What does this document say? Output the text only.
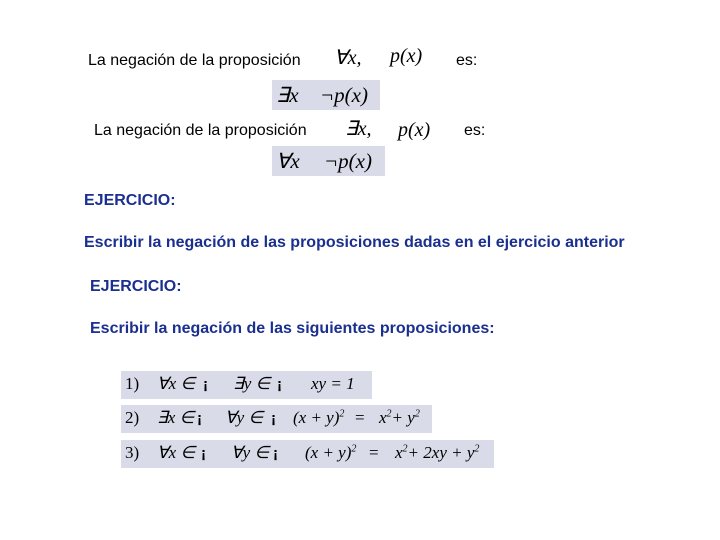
La negación de la proposición ∀x, p(x) es:
∃x ¬p(x)
La negación de la proposición ∃x, p(x) es:
∀x ¬p(x)
EJERCICIO:
Escribir la negación de las proposiciones dadas en el ejercicio anterior
EJERCICIO:
Escribir la negación de las siguientes proposiciones:
1) ∀x ∈ ¡ ∃y ∈ ¡ xy = 1
2) ∃x ∈ ¡ ∀y ∈ ¡ $(x + y)^2 = x^2+ y^2$
3) ∀x ∈ ¡ ∀y ∈ ¡ $(x + y)^2 = x^2+ 2xy + y^2$
